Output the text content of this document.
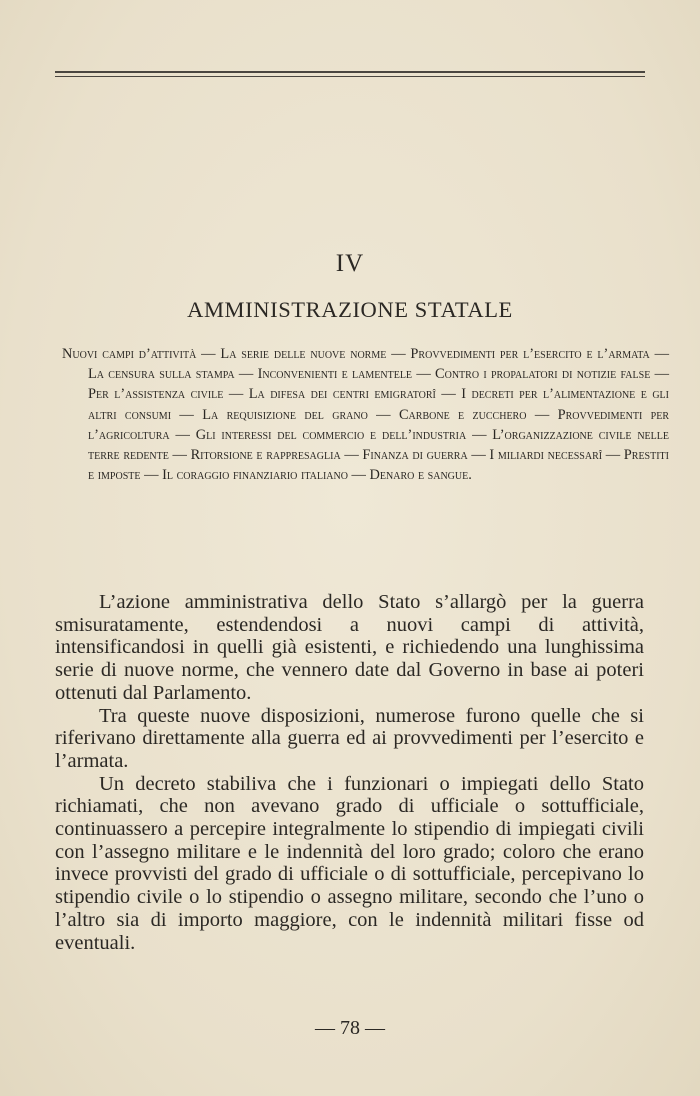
IV
AMMINISTRAZIONE STATALE
Nuovi campi d’attività — La serie delle nuove norme — Provvedimenti per l’esercito e l’armata — La censura sulla stampa — Inconvenienti e lamentele — Contro i propalatori di notizie false — Per l’assistenza civile — La difesa dei centri emigratorî — I decreti per l’alimentazione e gli altri consumi — La requisizione del grano — Carbone e zucchero — Provvedimenti per l’agricoltura — Gli interessi del commercio e dell’industria — L’organizzazione civile nelle terre redente — Ritorsione e rappresaglia — Finanza di guerra — I miliardi necessarî — Prestiti e imposte — Il coraggio finanziario italiano — Denaro e sangue.

L’azione amministrativa dello Stato s’allargò per la guerra smisuratamente, estendendosi a nuovi campi di attività, intensificandosi in quelli già esistenti, e richiedendo una lunghissima serie di nuove norme, che vennero date dal Governo in base ai poteri ottenuti dal Parlamento.

Tra queste nuove disposizioni, numerose furono quelle che si riferivano direttamente alla guerra ed ai provvedimenti per l’esercito e l’armata.

Un decreto stabiliva che i funzionari o impiegati dello Stato richiamati, che non avevano grado di ufficiale o sottufficiale, continuassero a percepire integralmente lo stipendio di impiegati civili con l’assegno militare e le indennità del loro grado; coloro che erano invece provvisti del grado di ufficiale o di sottufficiale, percepivano lo stipendio civile o lo stipendio o assegno militare, secondo che l’uno o l’altro sia di importo maggiore, con le indennità militari fisse od eventuali.

— 78 —
